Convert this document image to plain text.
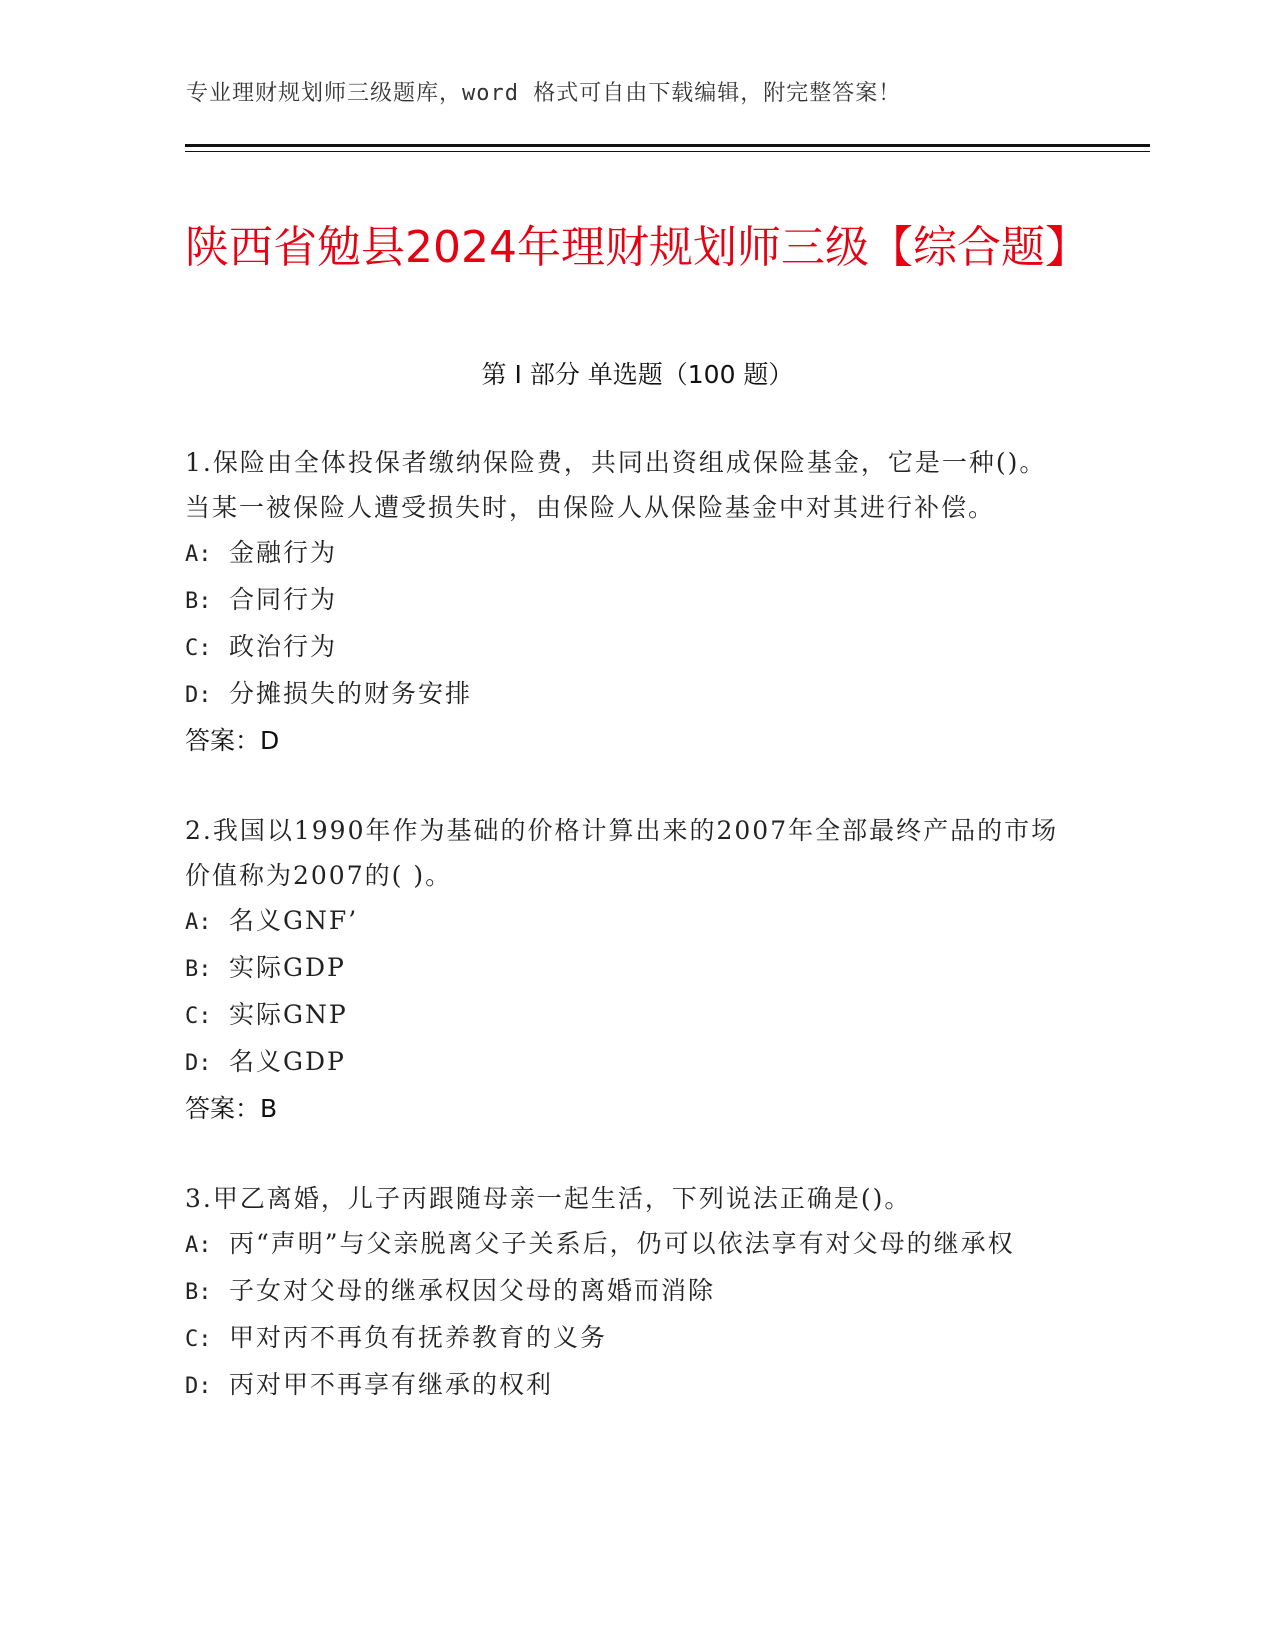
专业理财规划师三级题库，word 格式可自由下载编辑，附完整答案！
陕西省勉县2024年理财规划师三级【综合题】
第 I 部分 单选题（100 题）

1.保险由全体投保者缴纳保险费，共同出资组成保险基金，它是一种()。当某一被保险人遭受损失时，由保险人从保险基金中对其进行补偿。

A: 金融行为

B: 合同行为

C: 政治行为

D: 分摊损失的财务安排

答案：D

2.我国以1990年作为基础的价格计算出来的2007年全部最终产品的市场价值称为2007的( )。

A: 名义GNF’

B: 实际GDP

C: 实际GNP

D: 名义GDP

答案：B

3.甲乙离婚，儿子丙跟随母亲一起生活，下列说法正确是()。

A: 丙“声明”与父亲脱离父子关系后，仍可以依法享有对父母的继承权

B: 子女对父母的继承权因父母的离婚而消除

C: 甲对丙不再负有抚养教育的义务

D: 丙对甲不再享有继承的权利
